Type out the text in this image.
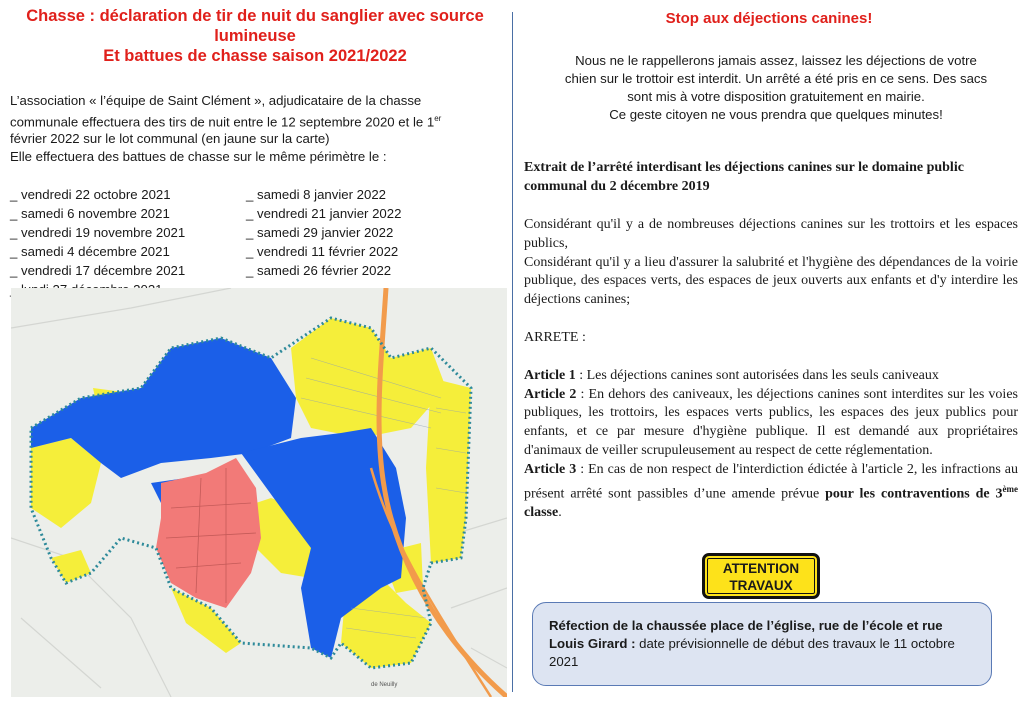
Chasse : déclaration de tir de nuit du sanglier avec source
lumineuse
Et battues de chasse saison 2021/2022
L’association « l’équipe de Saint Clément », adjudicataire de la chasse
communale effectuera des tirs de nuit entre le 12 septembre 2020 et le 1er
février 2022 sur le lot communal (en jaune sur la carte)
Elle effectuera des battues de chasse sur le même périmètre le :
_ vendredi 22 octobre 2021
_ samedi 6 novembre 2021
_ vendredi 19 novembre 2021
_ samedi 4 décembre 2021
_ vendredi 17 décembre 2021
_ samedi 8 janvier 2022
_ vendredi 21 janvier 2022
_ samedi 29 janvier 2022
_ vendredi 11 février 2022
_ samedi 26 février 2022
de Neuilly
Stop aux déjections canines!
Nous ne le rappellerons jamais assez, laissez les déjections de votre
chien sur le trottoir est interdit. Un arrêté a été pris en ce sens. Des sacs
sont mis à votre disposition gratuitement en mairie.
Ce geste citoyen ne vous prendra que quelques minutes!
Extrait de l’arrêté interdisant les déjections canines sur le domaine public communal du 2 décembre 2019

Considérant qu'il y a de nombreuses déjections canines sur les trottoirs et les espaces publics,

Considérant qu'il y a lieu d'assurer la salubrité et l'hygiène des dépendances de la voirie publique, des espaces verts, des espaces de jeux ouverts aux enfants et d'y interdire les déjections canines;

ARRETE :

Article 1 : Les déjections canines sont autorisées dans les seuls caniveaux

Article 2 : En dehors des caniveaux, les déjections canines sont interdites sur les voies publiques, les trottoirs, les espaces verts publics, les espaces des jeux publics pour enfants, et ce par mesure d'hygiène publique. Il est demandé aux propriétaires d'animaux de veiller scrupuleusement au respect de cette réglementation.

Article 3 : En cas de non respect de l'interdiction édictée à l'article 2, les infractions au présent arrêté sont passibles d’une amende prévue pour les contraventions de 3ème classe.

ATTENTION
TRAVAUX
Réfection de la chaussée place de l’église, rue de l’école et rue Louis Girard : date prévisionnelle de début des travaux le 11 octobre 2021
